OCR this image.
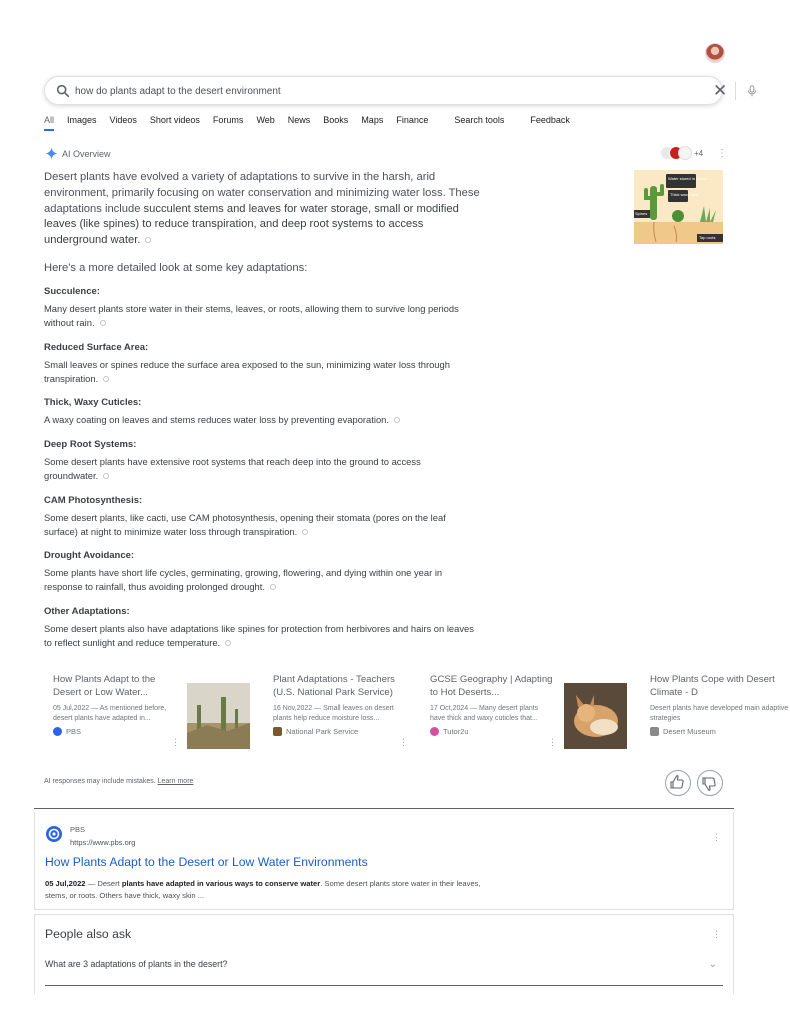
how do plants adapt to the desert environment
✕
All Images Videos Short videos Forums Web News Books Maps Finance	Search tools	Feedback
AI Overview	+4 ⋮
Desert plants have evolved a variety of adaptations to survive in the harsh, arid environment, primarily focusing on water conservation and minimizing water loss. These adaptations include succulent stems and leaves for water storage, small or modified leaves (like spines) to reduce transpiration, and deep root systems to access underground water.
Water stored in stems
Thick waxy skin
Spines
Tap roots
Here's a more detailed look at some key adaptations:
Succulence:

Many desert plants store water in their stems, leaves, or roots, allowing them to survive long periods without rain.

Reduced Surface Area:

Small leaves or spines reduce the surface area exposed to the sun, minimizing water loss through transpiration.

Thick, Waxy Cuticles:

A waxy coating on leaves and stems reduces water loss by preventing evaporation.

Deep Root Systems:

Some desert plants have extensive root systems that reach deep into the ground to access groundwater.

CAM Photosynthesis:

Some desert plants, like cacti, use CAM photosynthesis, opening their stomata (pores on the leaf surface) at night to minimize water loss through transpiration.

Drought Avoidance:

Some plants have short life cycles, germinating, growing, flowering, and dying within one year in response to rainfall, thus avoiding prolonged drought.

Other Adaptations:

Some desert plants also have adaptations like spines for protection from herbivores and hairs on leaves to reflect sunlight and reduce temperature.

How Plants Adapt to the Desert or Low Water...
05 Jul,2022 — As mentioned before, desert plants have adapted in...
PBS
⋮
Plant Adaptations - Teachers (U.S. National Park Service)
16 Nov,2022 — Small leaves on desert plants help reduce moisture loss...
National Park Service
⋮
GCSE Geography | Adapting to Hot Deserts...
17 Oct,2024 — Many desert plants have thick and waxy cuticles that...
Tutor2u
⋮
How Plants Cope with Desert Climate - D
Desert plants have developed main adaptive strategies
Desert Museum
AI responses may include mistakes. Learn more
PBS
https://www.pbs.org
⋮
How Plants Adapt to the Desert or Low Water Environments
05 Jul,2022 — Desert plants have adapted in various ways to conserve water. Some desert plants store water in their leaves, stems, or roots. Others have thick, waxy skin ...
People also ask	⋮
What are 3 adaptations of plants in the desert?	⌄
